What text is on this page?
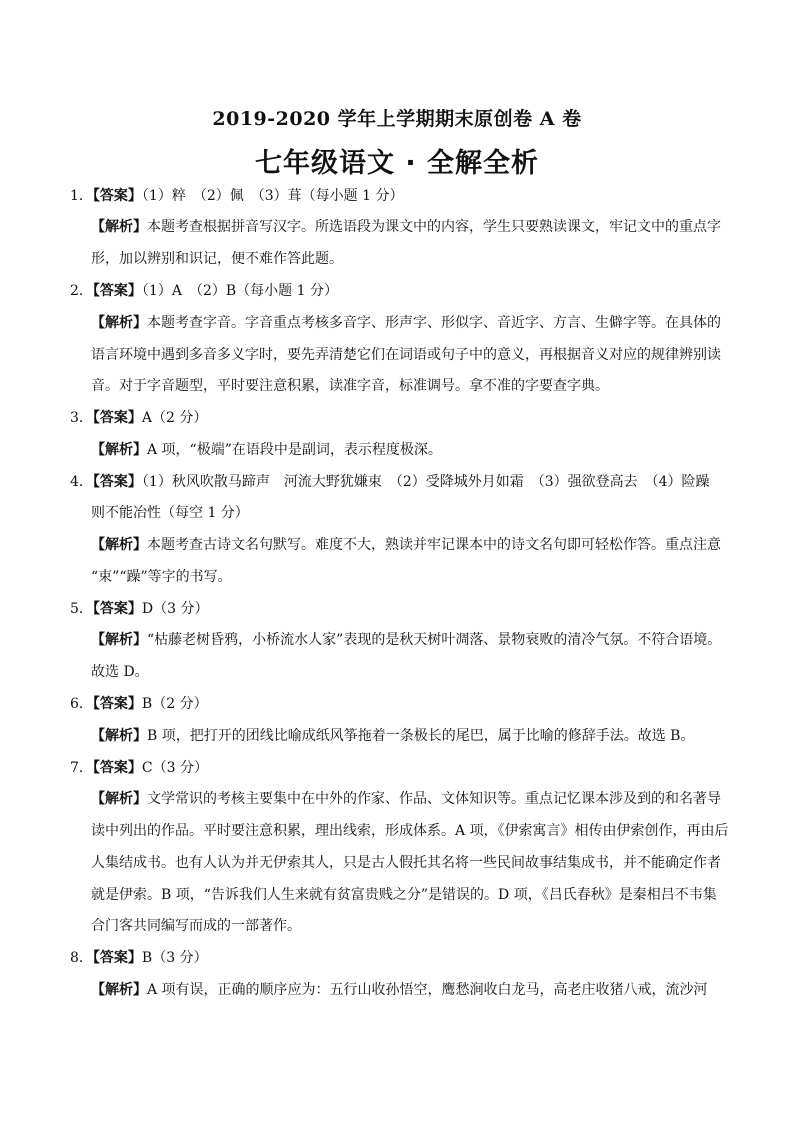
2019-2020 学年上学期期末原创卷 A 卷
七年级语文 · 全解全析
1．【答案】（1）粹　（2）佩　（3）葺（每小题 1 分）
【解析】本题考查根据拼音写汉字。所选语段为课文中的内容，学生只要熟读课文，牢记文中的重点字
形，加以辨别和识记，便不难作答此题。
2．【答案】（1）A　（2）B（每小题 1 分）
【解析】本题考查字音。字音重点考核多音字、形声字、形似字、音近字、方言、生僻字等。在具体的
语言环境中遇到多音多义字时，要先弄清楚它们在词语或句子中的意义，再根据音义对应的规律辨别读
音。对于字音题型，平时要注意积累，读准字音，标准调号。拿不准的字要查字典。
3．【答案】A（2 分）
【解析】A 项，“极端”在语段中是副词，表示程度极深。
4．【答案】（1）秋风吹散马蹄声　河流大野犹嫌束　（2）受降城外月如霜　（3）强欲登高去　（4）险躁
则不能冶性（每空 1 分）
【解析】本题考查古诗文名句默写。难度不大，熟读并牢记课本中的诗文名句即可轻松作答。重点注意
“束”“躁”等字的书写。
5．【答案】D（3 分）
【解析】“枯藤老树昏鸦，小桥流水人家”表现的是秋天树叶凋落、景物衰败的清冷气氛。不符合语境。
故选 D。
6．【答案】B（2 分）
【解析】B 项，把打开的团线比喻成纸风筝拖着一条极长的尾巴，属于比喻的修辞手法。故选 B。
7．【答案】C（3 分）
【解析】文学常识的考核主要集中在中外的作家、作品、文体知识等。重点记忆课本涉及到的和名著导
读中列出的作品。平时要注意积累，理出线索，形成体系。A 项，《伊索寓言》相传由伊索创作，再由后
人集结成书。也有人认为并无伊索其人，只是古人假托其名将一些民间故事结集成书，并不能确定作者
就是伊索。B 项，“告诉我们人生来就有贫富贵贱之分”是错误的。D 项，《吕氏春秋》是秦相吕不韦集
合门客共同编写而成的一部著作。
8．【答案】B（3 分）
【解析】A 项有误，正确的顺序应为：五行山收孙悟空，鹰愁涧收白龙马，高老庄收猪八戒，流沙河
